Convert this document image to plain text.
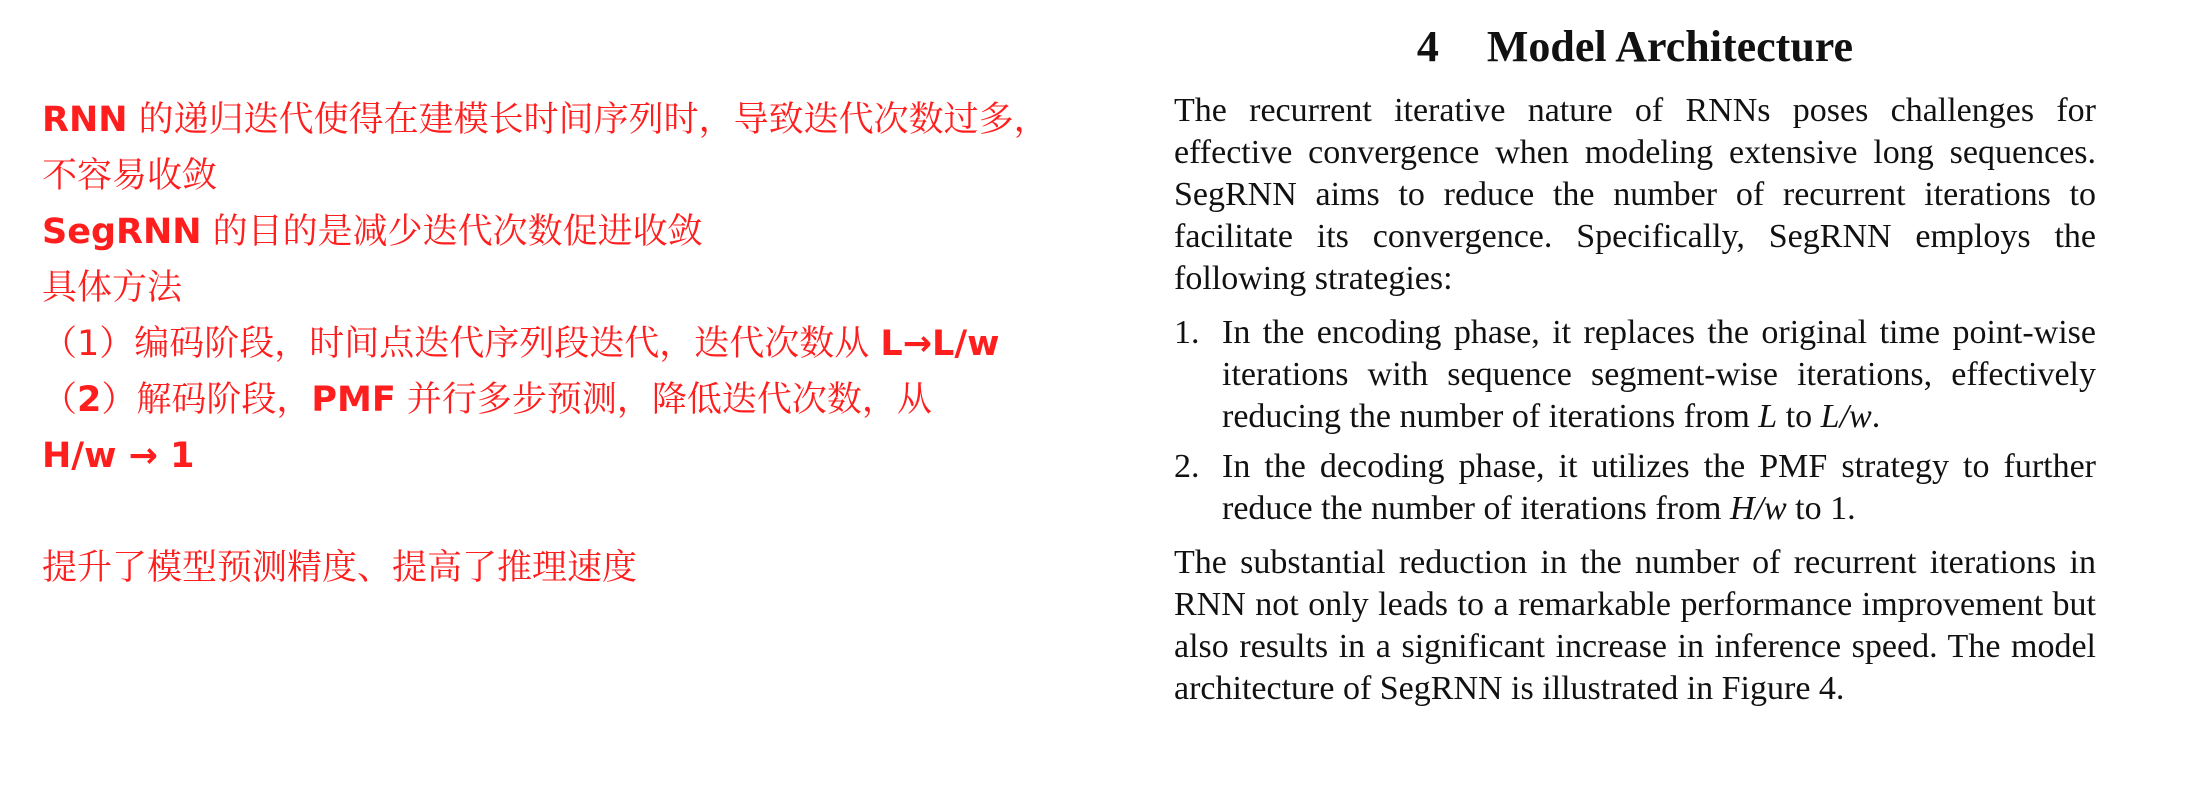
RNN 的递归迭代使得在建模长时间序列时，导致迭代次数过多，
不容易收敛
SegRNN 的目的是减少迭代次数促进收敛
具体方法
（1）编码阶段，时间点迭代序列段迭代，迭代次数从 L→L/w
（2）解码阶段，PMF 并行多步预测，降低迭代次数，从
H/w → 1
提升了模型预测精度、提高了推理速度
4 Model Architecture

The recurrent iterative nature of RNNs poses challenges for effective convergence when modeling extensive long sequences. SegRNN aims to reduce the number of recurrent iterations to facilitate its convergence. Specifically, SegRNN employs the following strategies:

1. In the encoding phase, it replaces the original time point-wise iterations with sequence segment-wise iterations, effectively reducing the number of iterations from L to L/w.
2. In the decoding phase, it utilizes the PMF strategy to further reduce the number of iterations from H/w to 1.

The substantial reduction in the number of recurrent iterations in RNN not only leads to a remarkable performance improvement but also results in a significant increase in inference speed. The model architecture of SegRNN is illustrated in Figure 4.
